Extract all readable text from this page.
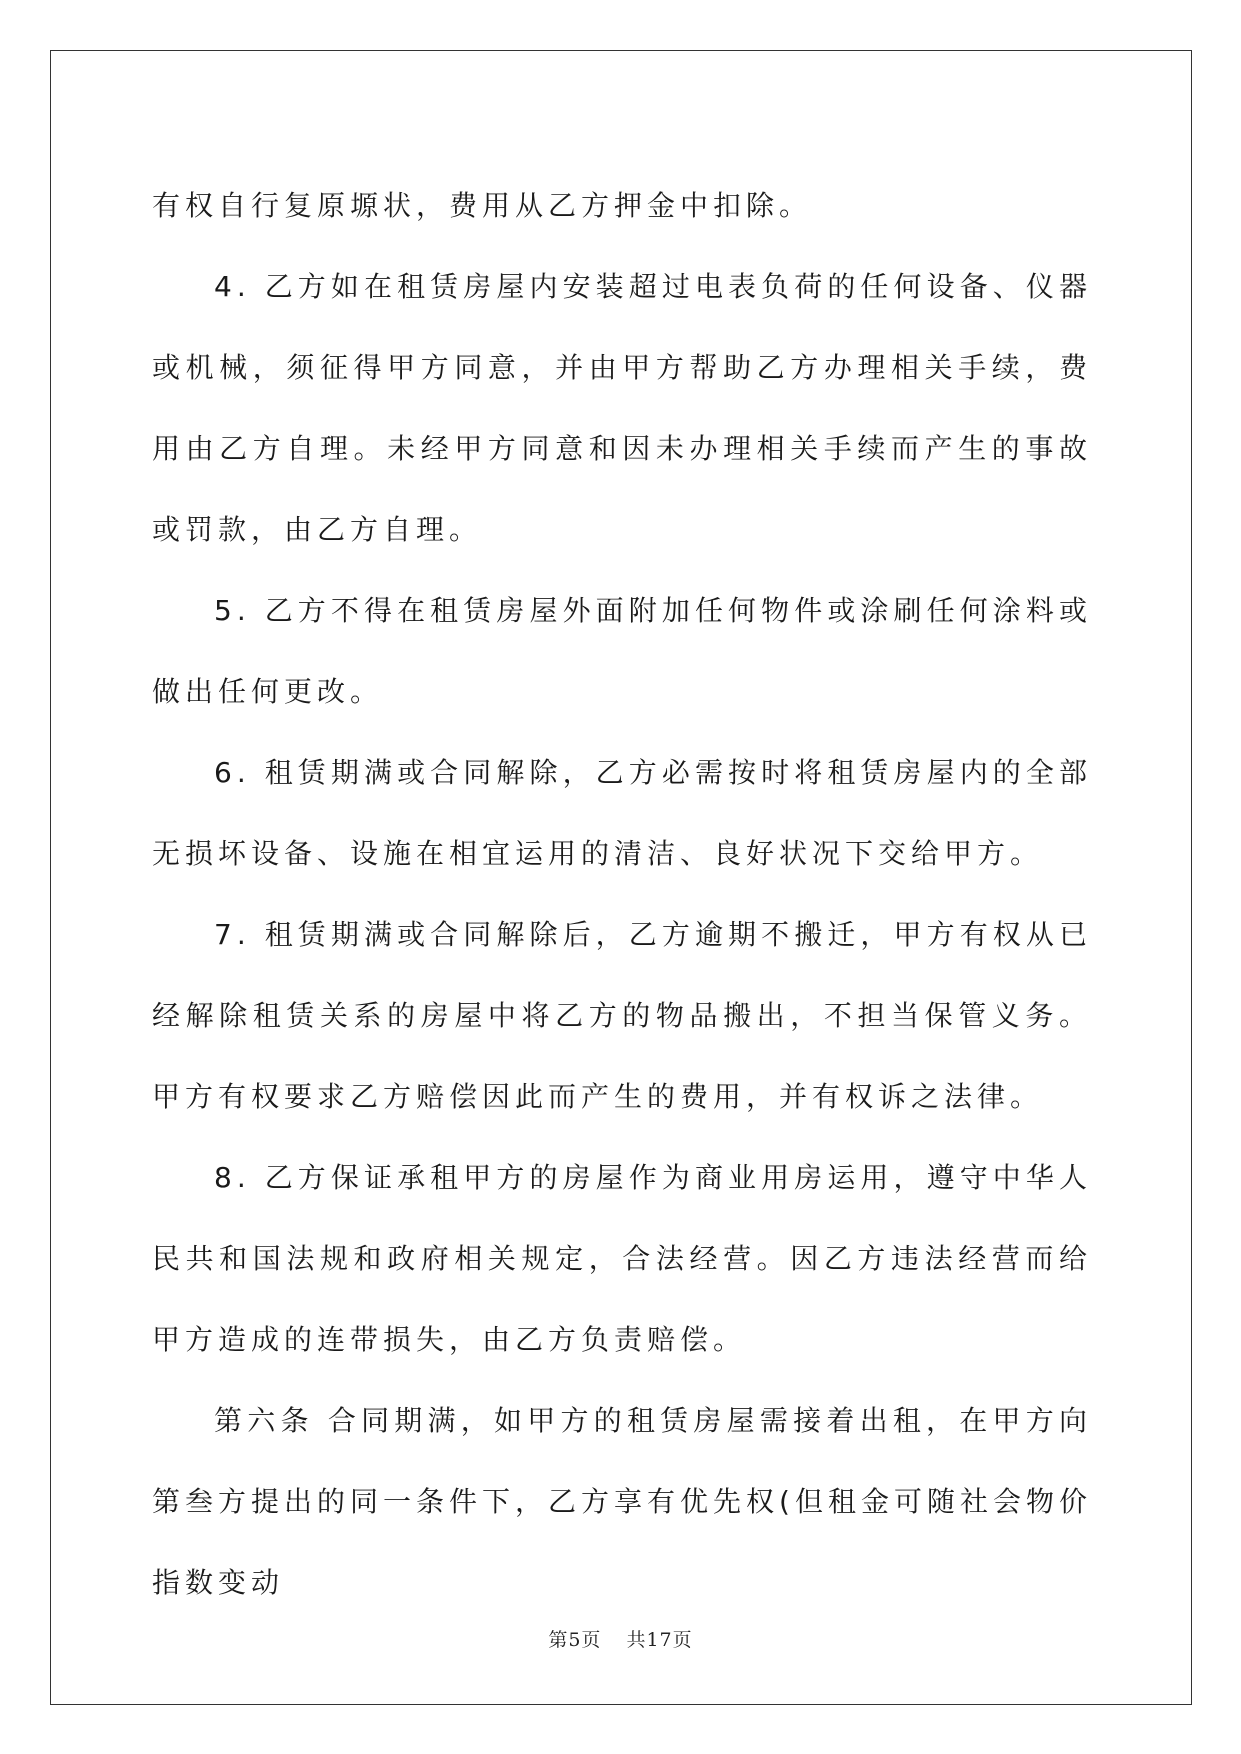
有权自行复原塬状，费用从乙方押金中扣除。

4. 乙方如在租赁房屋内安装超过电表负荷的任何设备、仪器或机械，须征得甲方同意，并由甲方帮助乙方办理相关手续，费用由乙方自理。未经甲方同意和因未办理相关手续而产生的事故或罚款，由乙方自理。

5. 乙方不得在租赁房屋外面附加任何物件或涂刷任何涂料或做出任何更改。

6. 租赁期满或合同解除，乙方必需按时将租赁房屋内的全部无损坏设备、设施在相宜运用的清洁、良好状况下交给甲方。

7. 租赁期满或合同解除后，乙方逾期不搬迁，甲方有权从已经解除租赁关系的房屋中将乙方的物品搬出，不担当保管义务。甲方有权要求乙方赔偿因此而产生的费用，并有权诉之法律。

8. 乙方保证承租甲方的房屋作为商业用房运用，遵守中华人民共和国法规和政府相关规定，合法经营。因乙方违法经营而给甲方造成的连带损失，由乙方负责赔偿。

第六条 合同期满，如甲方的租赁房屋需接着出租，在甲方向第叁方提出的同一条件下，乙方享有优先权(但租金可随社会物价指数变动

第5页 共17页
